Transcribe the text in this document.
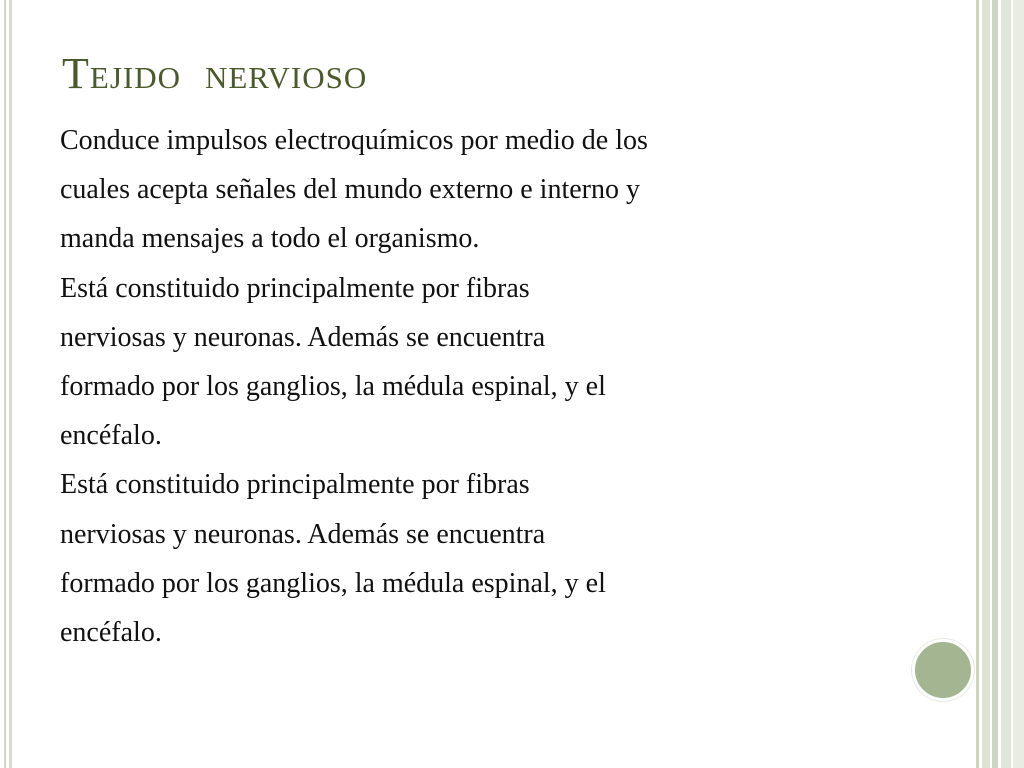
Tejido  nervioso
Conduce impulsos electroquímicos por medio de los
cuales acepta señales del mundo externo e interno y
manda mensajes a todo el organismo.
Está constituido principalmente por fibras
nerviosas y neuronas. Además se encuentra
formado por los ganglios, la médula espinal, y el
encéfalo.
Está constituido principalmente por fibras
nerviosas y neuronas. Además se encuentra
formado por los ganglios, la médula espinal, y el
encéfalo.
